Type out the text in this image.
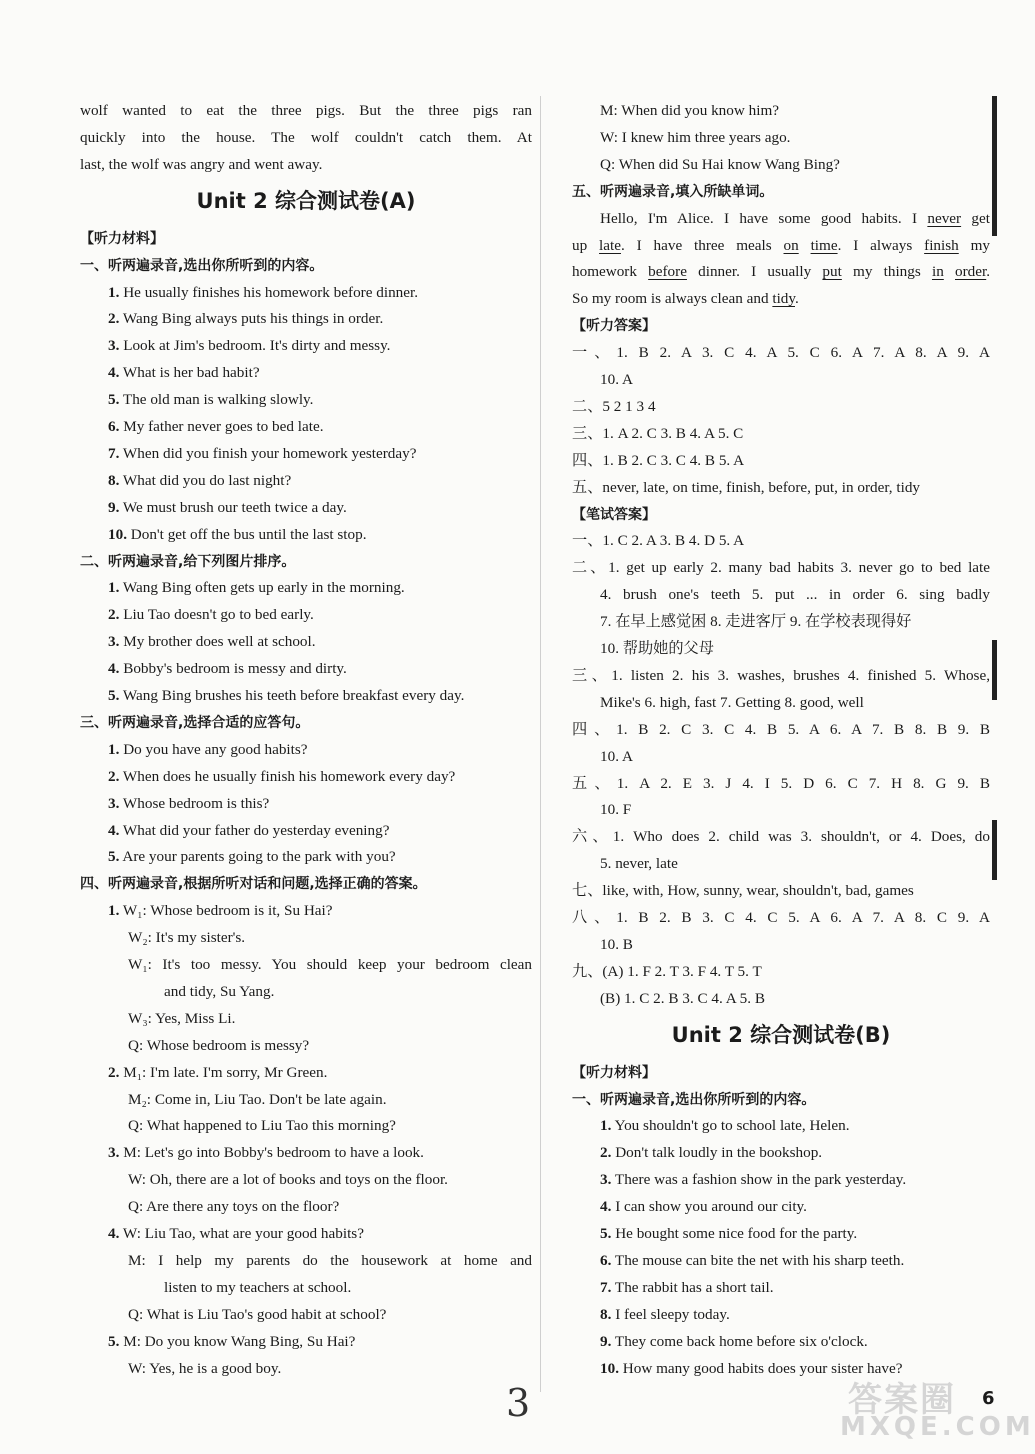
wolf wanted to eat the three pigs. But the three pigs ran
quickly into the house. The wolf couldn't catch them. At
last, the wolf was angry and went away.
Unit 2 综合测试卷(A)
【听力材料】
一、听两遍录音,选出你所听到的内容。
1. He usually finishes his homework before dinner.
2. Wang Bing always puts his things in order.
3. Look at Jim's bedroom. It's dirty and messy.
4. What is her bad habit?
5. The old man is walking slowly.
6. My father never goes to bed late.
7. When did you finish your homework yesterday?
8. What did you do last night?
9. We must brush our teeth twice a day.
10. Don't get off the bus until the last stop.
二、听两遍录音,给下列图片排序。
1. Wang Bing often gets up early in the morning.
2. Liu Tao doesn't go to bed early.
3. My brother does well at school.
4. Bobby's bedroom is messy and dirty.
5. Wang Bing brushes his teeth before breakfast every day.
三、听两遍录音,选择合适的应答句。
1. Do you have any good habits?
2. When does he usually finish his homework every day?
3. Whose bedroom is this?
4. What did your father do yesterday evening?
5. Are your parents going to the park with you?
四、听两遍录音,根据所听对话和问题,选择正确的答案。
1. W₁: Whose bedroom is it, Su Hai?
W₂: It's my sister's.
W₁: It's too messy. You should keep your bedroom clean
and tidy, Su Yang.
W₃: Yes, Miss Li.
Q: Whose bedroom is messy?
2. M₁: I'm late. I'm sorry, Mr Green.
M₂: Come in, Liu Tao. Don't be late again.
Q: What happened to Liu Tao this morning?
3. M: Let's go into Bobby's bedroom to have a look.
W: Oh, there are a lot of books and toys on the floor.
Q: Are there any toys on the floor?
4. W: Liu Tao, what are your good habits?
M: I help my parents do the housework at home and
listen to my teachers at school.
Q: What is Liu Tao's good habit at school?
5. M: Do you know Wang Bing, Su Hai?
W: Yes, he is a good boy.
M: When did you know him?
W: I knew him three years ago.
Q: When did Su Hai know Wang Bing?
五、听两遍录音,填入所缺单词。
Hello, I'm Alice. I have some good habits. I never get
up late. I have three meals on time. I always finish my
homework before dinner. I usually put my things in order.
So my room is always clean and tidy.
【听力答案】
一、1. B 2. A 3. C 4. A 5. C 6. A 7. A 8. A 9. A
10. A
二、5 2 1 3 4
三、1. A 2. C 3. B 4. A 5. C
四、1. B 2. C 3. C 4. B 5. A
五、never, late, on time, finish, before, put, in order, tidy
【笔试答案】
一、1. C 2. A 3. B 4. D 5. A
二、1. get up early 2. many bad habits 3. never go to bed late
4. brush one's teeth 5. put ... in order 6. sing badly
7. 在早上感觉困 8. 走进客厅 9. 在学校表现得好
10. 帮助她的父母
三、1. listen 2. his 3. washes, brushes 4. finished 5. Whose,
Mike's 6. high, fast 7. Getting 8. good, well
四、1. B 2. C 3. C 4. B 5. A 6. A 7. B 8. B 9. B
10. A
五、1. A 2. E 3. J 4. I 5. D 6. C 7. H 8. G 9. B
10. F
六、1. Who does 2. child was 3. shouldn't, or 4. Does, do
5. never, late
七、like, with, How, sunny, wear, shouldn't, bad, games
八、1. B 2. B 3. C 4. C 5. A 6. A 7. A 8. C 9. A
10. B
九、(A) 1. F 2. T 3. F 4. T 5. T
(B) 1. C 2. B 3. C 4. A 5. B
Unit 2 综合测试卷(B)
【听力材料】
一、听两遍录音,选出你所听到的内容。
1. You shouldn't go to school late, Helen.
2. Don't talk loudly in the bookshop.
3. There was a fashion show in the park yesterday.
4. I can show you around our city.
5. He bought some nice food for the party.
6. The mouse can bite the net with his sharp teeth.
7. The rabbit has a short tail.
8. I feel sleepy today.
9. They come back home before six o'clock.
10. How many good habits does your sister have?
3	答案圈
MXQE.COM
6
